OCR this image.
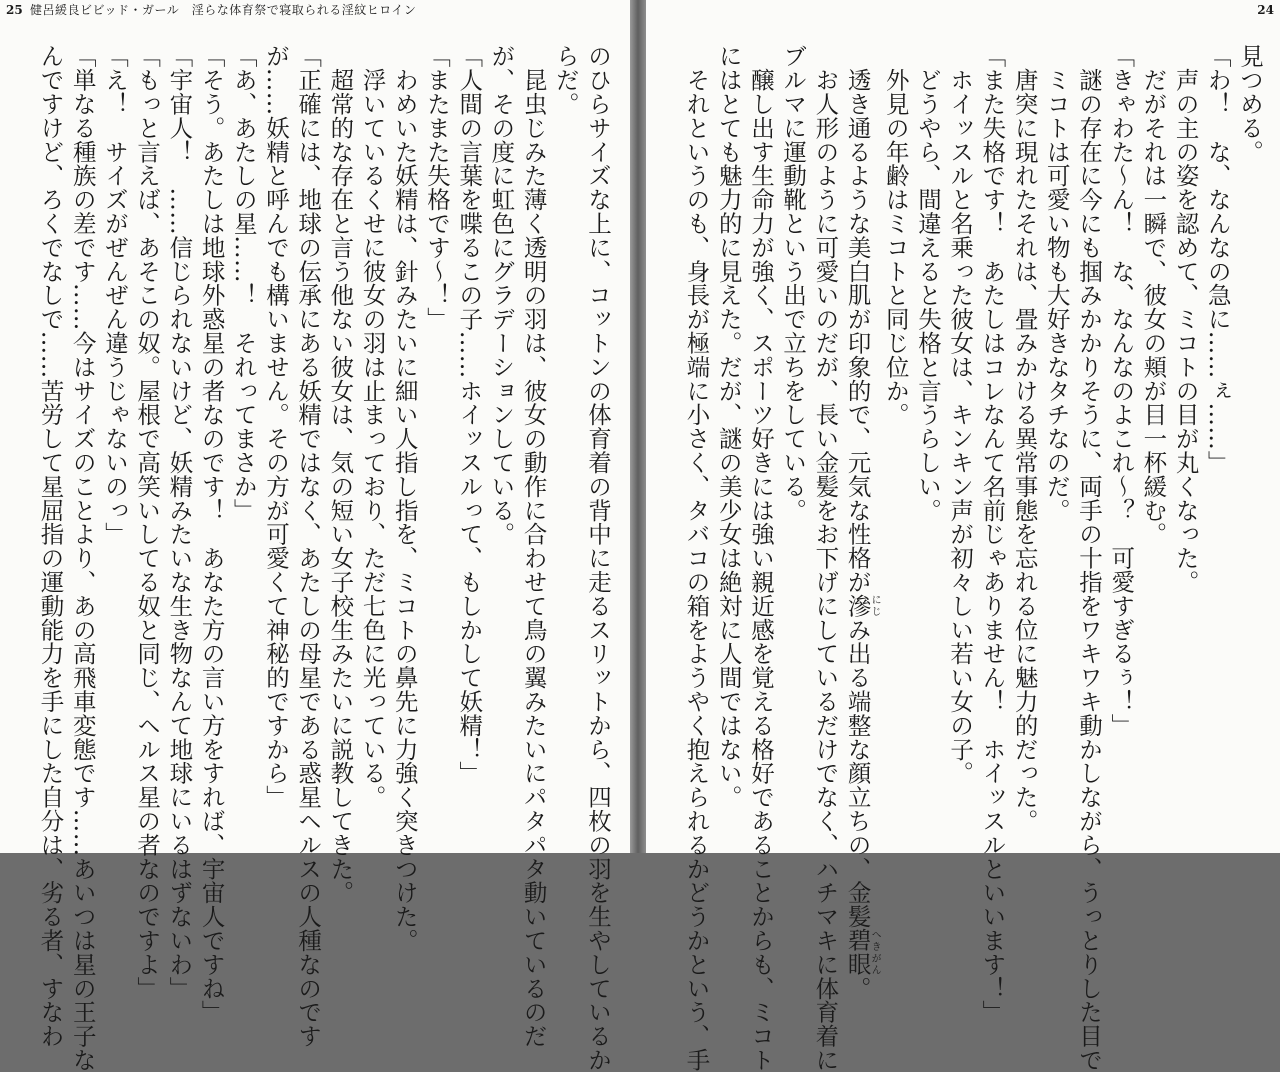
25 健呂緩良ビビッド・ガール　淫らな体育祭で寝取られる淫紋ヒロイン
のひらサイズな上に、コットンの体育着の背中に走るスリットから、四枚の羽を生やしているか
らだ。
　昆虫じみた薄く透明の羽は、彼女の動作に合わせて鳥の翼みたいにパタパタ動いているのだ
が、その度に虹色にグラデーションしている。
「人間の言葉を喋るこの子……ホイッスルって、もしかして妖精！」
「またまた失格です～！」
　わめいた妖精は、針みたいに細い人指し指を、ミコトの鼻先に力強く突きつけた。
　浮いているくせに彼女の羽は止まっており、ただ七色に光っている。
　超常的な存在と言う他ない彼女は、気の短い女子校生みたいに説教してきた。
「正確には、地球の伝承にある妖精ではなく、あたしの母星である惑星ヘルスの人種なのです
が……妖精と呼んでも構いません。その方が可愛くて神秘的ですから」
「あ、あたしの星……！　それってまさか」
「そう。あたしは地球外惑星の者なのです！　あなた方の言い方をすれば、宇宙人ですね」
「宇宙人！　……信じられないけど、妖精みたいな生き物なんて地球にいるはずないわ」
「もっと言えば、あそこの奴。屋根で高笑いしてる奴と同じ、ヘルス星の者なのですよ」
「え！　サイズがぜんぜん違うじゃないのっ」
「単なる種族の差です……今はサイズのことより、あの高飛車変態です……あいつは星の王子な
んですけど、ろくでなしで……苦労して星屈指の運動能力を手にした自分は、劣る者、すなわ
24
見つめる。
「わ！　な、なんなの急に……ぇ……」
　声の主の姿を認めて、ミコトの目が丸くなった。
　だがそれは一瞬で、彼女の頬が目一杯緩む。
「きゃわた～ん！　な、なんなのよこれ～？　可愛すぎるぅ！」
　謎の存在に今にも掴みかかりそうに、両手の十指をワキワキ動かしながら、うっとりした目で
　ミコトは可愛い物も大好きなタチなのだ。
　唐突に現れたそれは、畳みかける異常事態を忘れる位に魅力的だった。
「また失格です！　あたしはコレなんて名前じゃありません！　ホイッスルといいます！」
　ホイッスルと名乗った彼女は、キンキン声が初々しい若い女の子。
　どうやら、間違えると失格と言うらしい。
　外見の年齢はミコトと同じ位か。
　透き通るような美白肌が印象的で、元気な性格が滲にじみ出る端整な顔立ちの、金髪碧眼へきがん。
　お人形のように可愛いのだが、長い金髪をお下げにしているだけでなく、ハチマキに体育着に
ブルマに運動靴という出で立ちをしている。
　醸し出す生命力が強く、スポーツ好きには強い親近感を覚える格好であることからも、ミコト
にはとても魅力的に見えた。だが、謎の美少女は絶対に人間ではない。
　それというのも、身長が極端に小さく、タバコの箱をようやく抱えられるかどうかという、手
